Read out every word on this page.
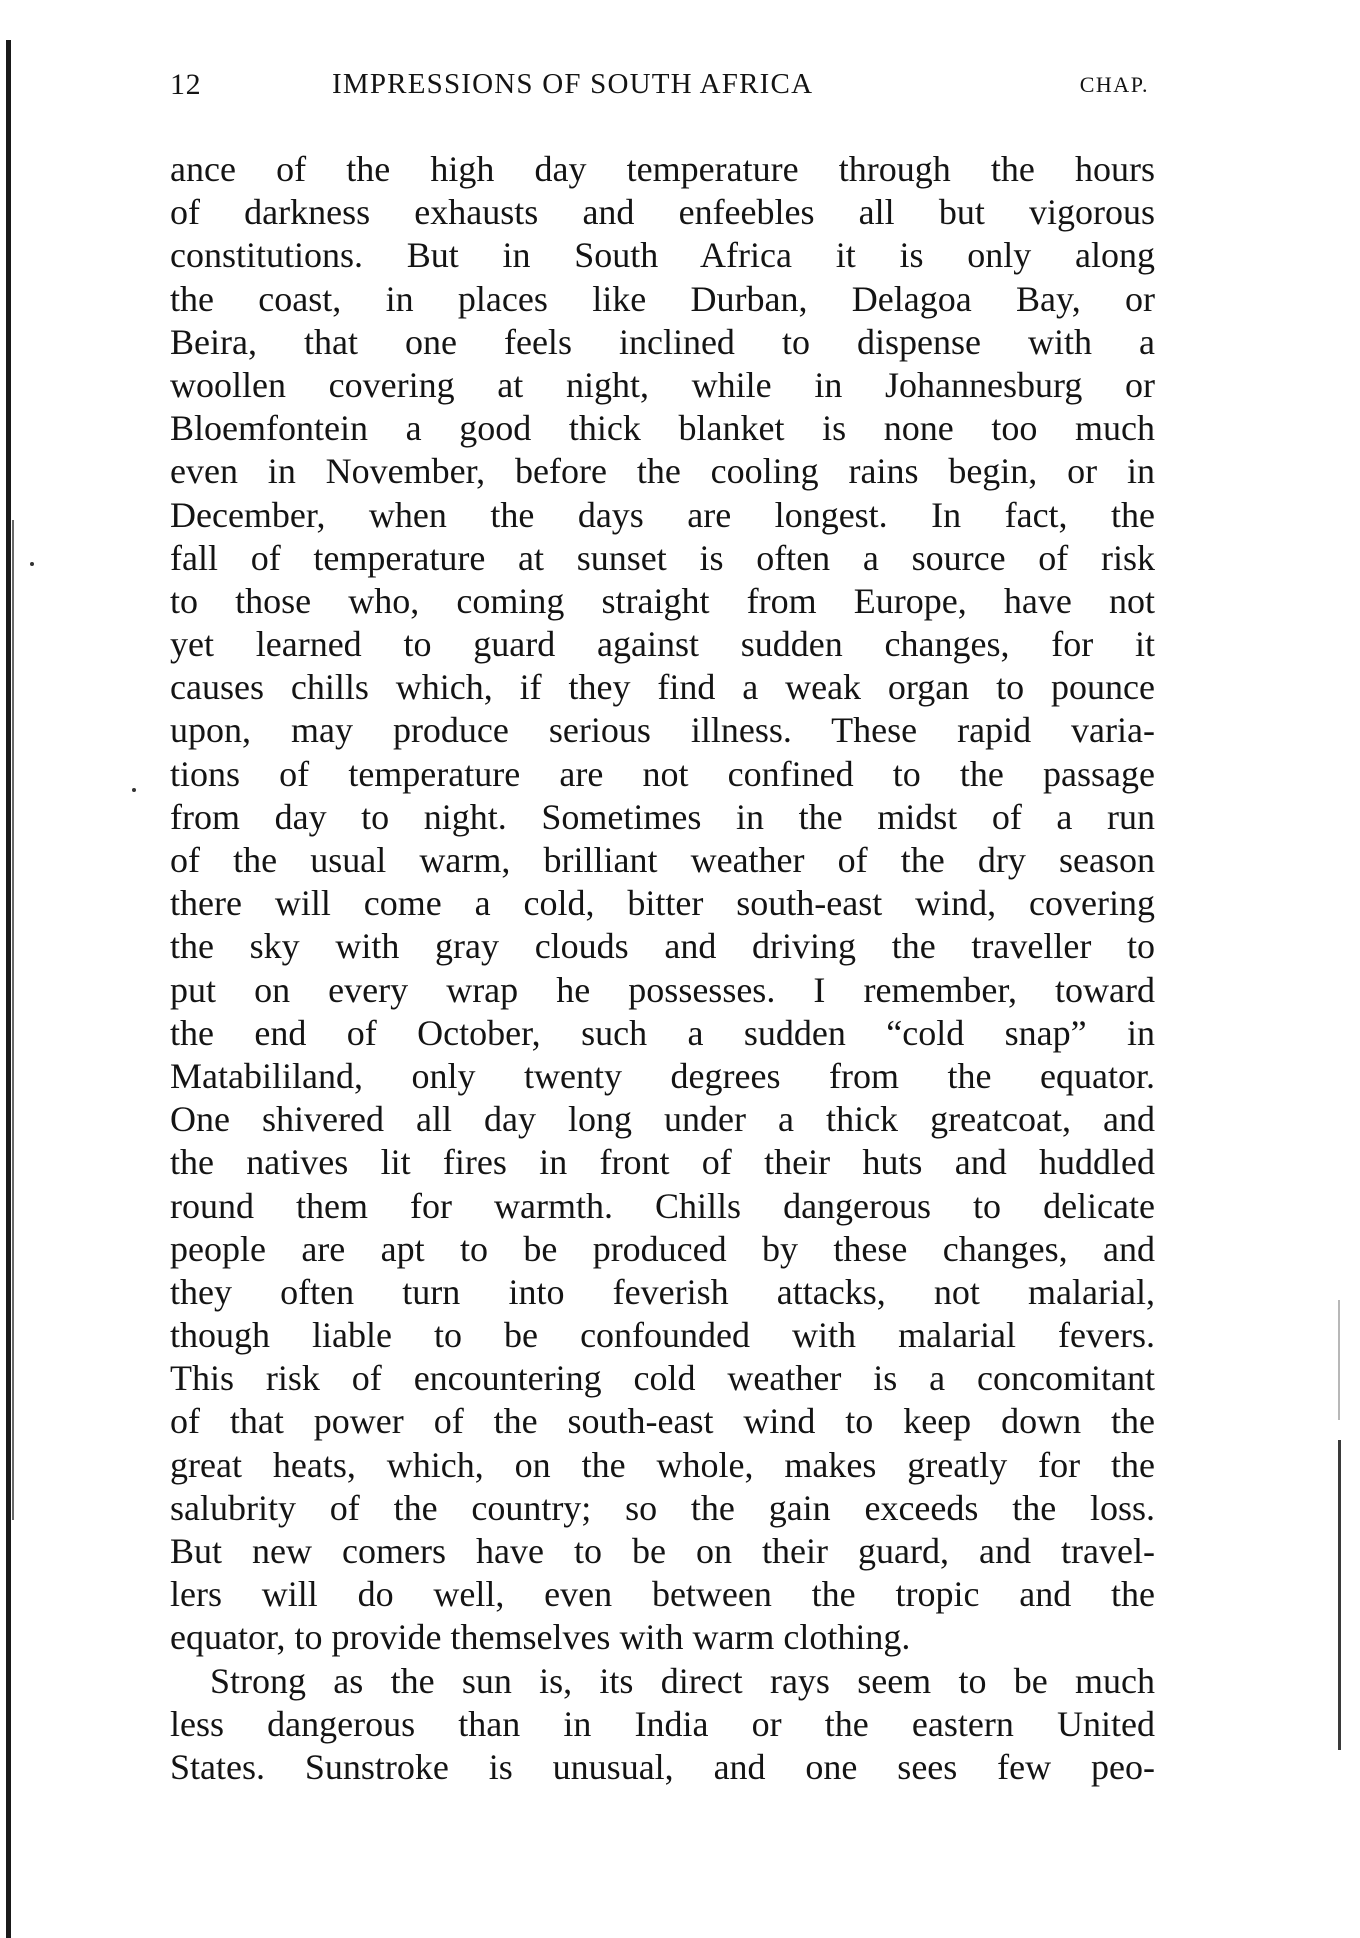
12	IMPRESSIONS OF SOUTH AFRICA	CHAP.
ance of the high day temperature through the hours
of darkness exhausts and enfeebles all but vigorous
constitutions. But in South Africa it is only along
the coast, in places like Durban, Delagoa Bay, or
Beira, that one feels inclined to dispense with a
woollen covering at night, while in Johannesburg or
Bloemfontein a good thick blanket is none too much
even in November, before the cooling rains begin, or in
December, when the days are longest. In fact, the
fall of temperature at sunset is often a source of risk
to those who, coming straight from Europe, have not
yet learned to guard against sudden changes, for it
causes chills which, if they find a weak organ to pounce
upon, may produce serious illness. These rapid varia-
tions of temperature are not confined to the passage
from day to night. Sometimes in the midst of a run
of the usual warm, brilliant weather of the dry season
there will come a cold, bitter south-east wind, covering
the sky with gray clouds and driving the traveller to
put on every wrap he possesses. I remember, toward
the end of October, such a sudden “cold snap” in
Matabililand, only twenty degrees from the equator.
One shivered all day long under a thick greatcoat, and
the natives lit fires in front of their huts and huddled
round them for warmth. Chills dangerous to delicate
people are apt to be produced by these changes, and
they often turn into feverish attacks, not malarial,
though liable to be confounded with malarial fevers.
This risk of encountering cold weather is a concomitant
of that power of the south-east wind to keep down the
great heats, which, on the whole, makes greatly for the
salubrity of the country; so the gain exceeds the loss.
But new comers have to be on their guard, and travel-
lers will do well, even between the tropic and the
equator, to provide themselves with warm clothing.
Strong as the sun is, its direct rays seem to be much
less dangerous than in India or the eastern United
States. Sunstroke is unusual, and one sees few peo-
